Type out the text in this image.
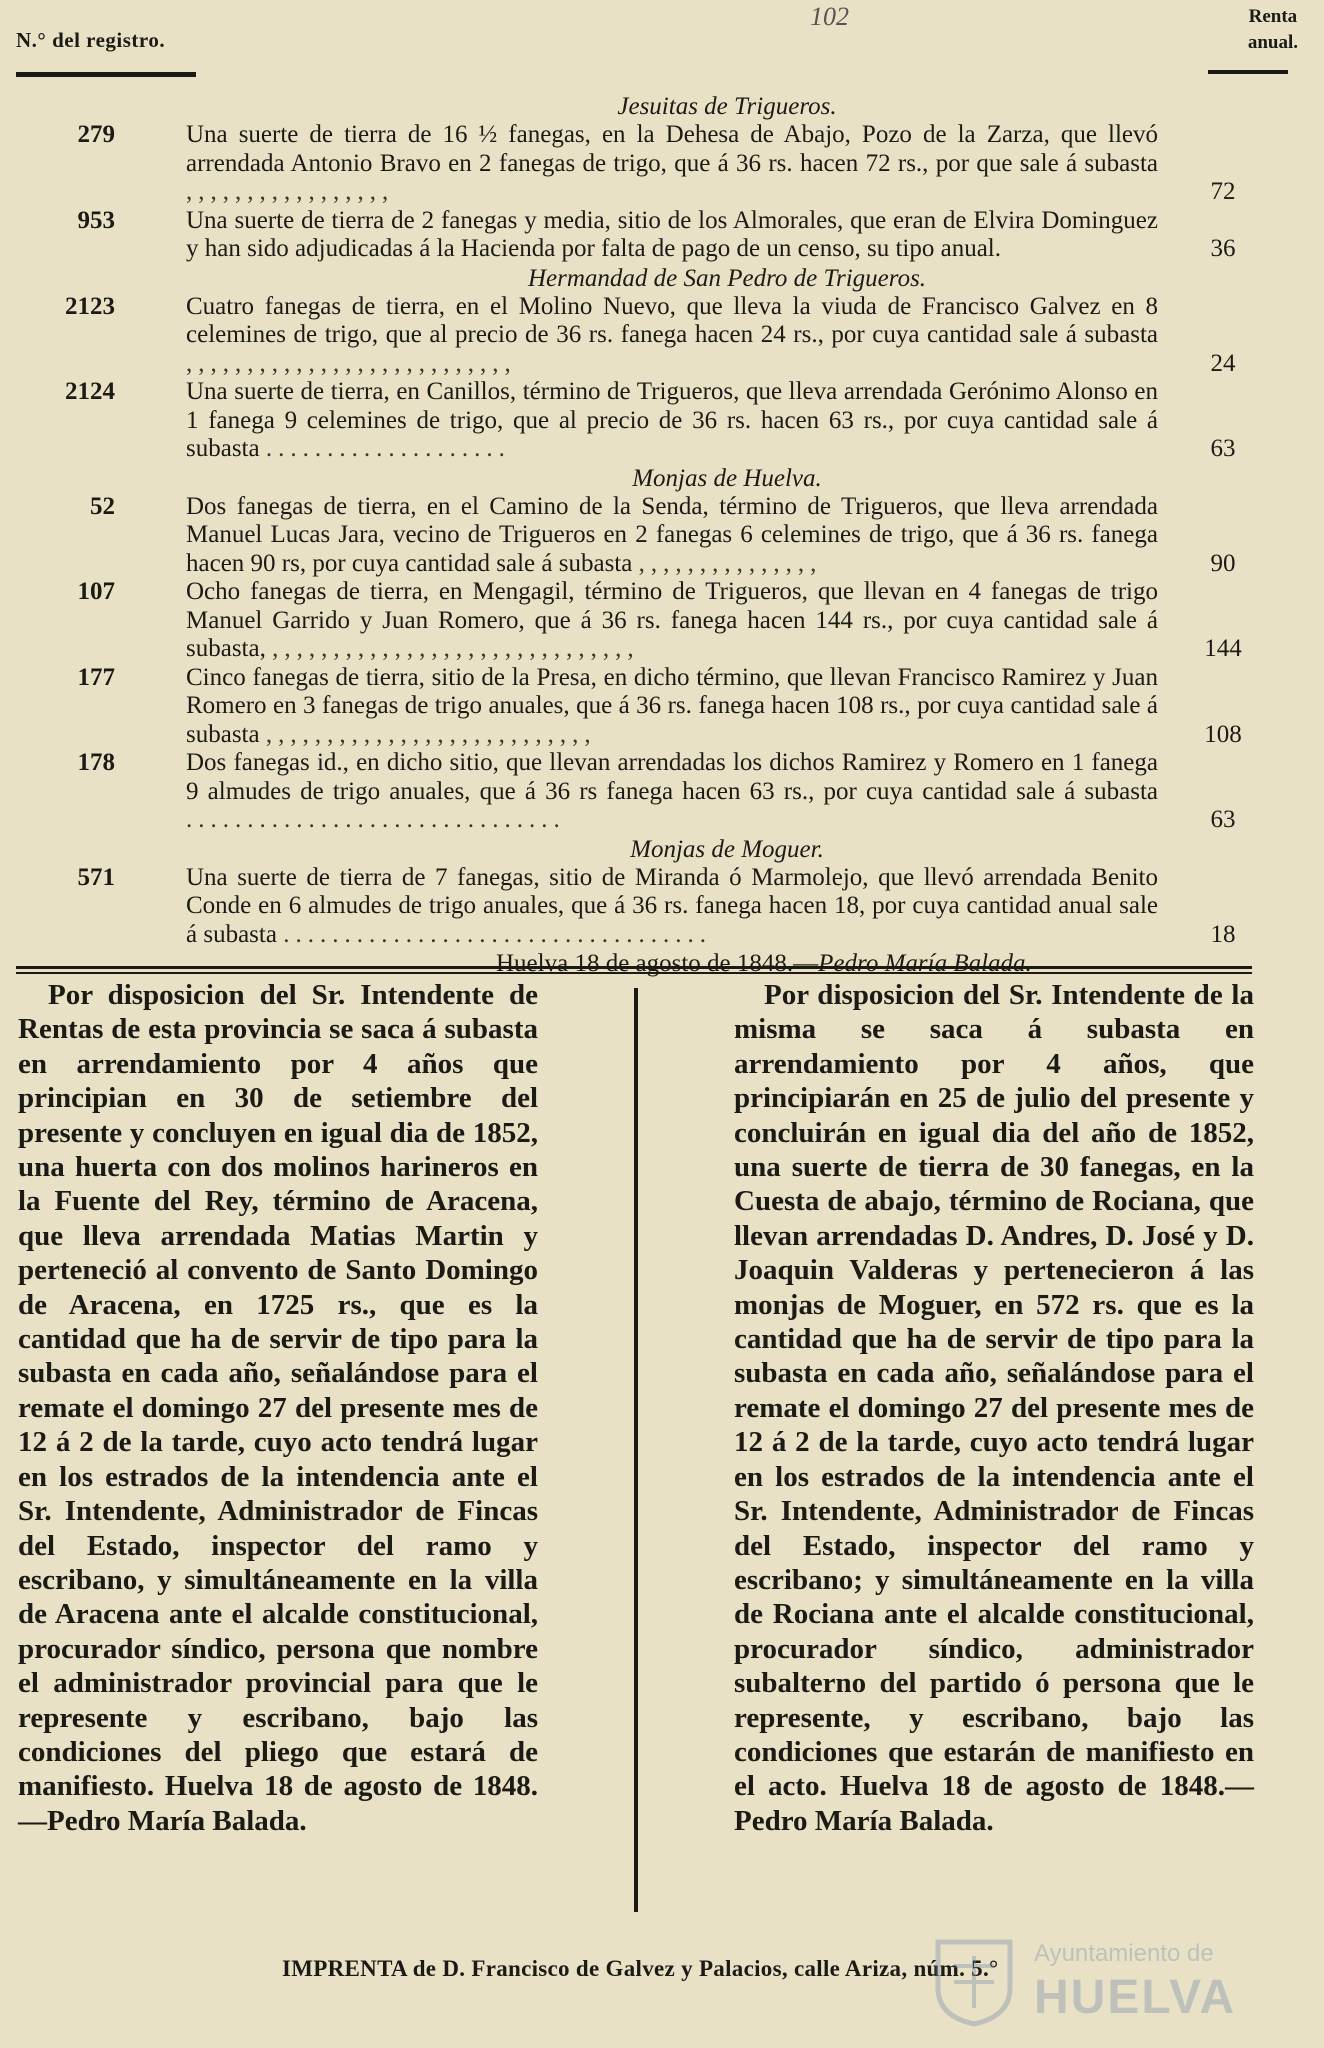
N.° del registro.
102	Renta
anual.
Jesuitas de Trigueros.
279	Una suerte de tierra de 16 ½ fanegas, en la Dehesa de Abajo, Pozo de la Zarza, que llevó arrendada Antonio Bravo en 2 fanegas de trigo, que á 36 rs. hacen 72 rs., por que sale á subasta ,,,,,,,,,,,,,,,,,	72
953	Una suerte de tierra de 2 fanegas y media, sitio de los Almorales, que eran de Elvira Dominguez y han sido adjudicadas á la Hacienda por falta de pago de un censo, su tipo anual.	36
Hermandad de San Pedro de Trigueros.
2123	Cuatro fanegas de tierra, en el Molino Nuevo, que lleva la viuda de Francisco Galvez en 8 celemines de trigo, que al precio de 36 rs. fanega hacen 24 rs., por cuya cantidad sale á subasta ,,,,,,,,,,,,,,,,,,,,,,,,,,,	24
2124	Una suerte de tierra, en Canillos, término de Trigueros, que lleva arrendada Gerónimo Alonso en 1 fanega 9 celemines de trigo, que al precio de 36 rs. hacen 63 rs., por cuya cantidad sale á subasta ....................	63
Monjas de Huelva.
52	Dos fanegas de tierra, en el Camino de la Senda, término de Trigueros, que lleva arrendada Manuel Lucas Jara, vecino de Trigueros en 2 fanegas 6 celemines de trigo, que á 36 rs. fanega hacen 90 rs, por cuya cantidad sale á subasta ,,,,,,,,,,,,,,,	90
107	Ocho fanegas de tierra, en Mengagil, término de Trigueros, que llevan en 4 fanegas de trigo Manuel Garrido y Juan Romero, que á 36 rs. fanega hacen 144 rs., por cuya cantidad sale á subasta, ,,,,,,,,,,,,,,,,,,,,,,,,,,,,,,	144
177	Cinco fanegas de tierra, sitio de la Presa, en dicho término, que llevan Francisco Ramirez y Juan Romero en 3 fanegas de trigo anuales, que á 36 rs. fanega hacen 108 rs., por cuya cantidad sale á subasta ,,,,,,,,,,,,,,,,,,,,,,,,,,,	108
178	Dos fanegas id., en dicho sitio, que llevan arrendadas los dichos Ramirez y Romero en 1 fanega 9 almudes de trigo anuales, que á 36 rs fanega hacen 63 rs., por cuya cantidad sale á subasta ...............................	63
Monjas de Moguer.
571	Una suerte de tierra de 7 fanegas, sitio de Miranda ó Marmolejo, que llevó arrendada Benito Conde en 6 almudes de trigo anuales, que á 36 rs. fanega hacen 18, por cuya cantidad anual sale á subasta ...................................	18
Huelva 18 de agosto de 1848.—Pedro María Balada.

Por disposicion del Sr. Intendente de Rentas de esta provincia se saca á subasta en arrendamiento por 4 años que principian en 30 de setiembre del presente y concluyen en igual dia de 1852, una huerta con dos molinos harineros en la Fuente del Rey, término de Aracena, que lleva arrendada Matias Martin y perteneció al convento de Santo Domingo de Aracena, en 1725 rs., que es la cantidad que ha de servir de tipo para la subasta en cada año, señalándose para el remate el domingo 27 del presente mes de 12 á 2 de la tarde, cuyo acto tendrá lugar en los estrados de la intendencia ante el Sr. Intendente, Administrador de Fincas del Estado, inspector del ramo y escribano, y simultáneamente en la villa de Aracena ante el alcalde constitucional, procurador síndico, persona que nombre el administrador provincial para que le represente y escribano, bajo las condiciones del pliego que estará de manifiesto. Huelva 18 de agosto de 1848.—Pedro María Balada.

Por disposicion del Sr. Intendente de la misma se saca á subasta en arrendamiento por 4 años, que principiarán en 25 de julio del presente y concluirán en igual dia del año de 1852, una suerte de tierra de 30 fanegas, en la Cuesta de abajo, término de Rociana, que llevan arrendadas D. Andres, D. José y D. Joaquin Valderas y pertenecieron á las monjas de Moguer, en 572 rs. que es la cantidad que ha de servir de tipo para la subasta en cada año, señalándose para el remate el domingo 27 del presente mes de 12 á 2 de la tarde, cuyo acto tendrá lugar en los estrados de la intendencia ante el Sr. Intendente, Administrador de Fincas del Estado, inspector del ramo y escribano; y simultáneamente en la villa de Rociana ante el alcalde constitucional, procurador síndico, administrador subalterno del partido ó persona que le represente, y escribano, bajo las condiciones que estarán de manifiesto en el acto. Huelva 18 de agosto de 1848.—Pedro María Balada.

IMPRENTA de D. Francisco de Galvez y Palacios, calle Ariza, núm. 5.°
Ayuntamiento de
HUELVA
